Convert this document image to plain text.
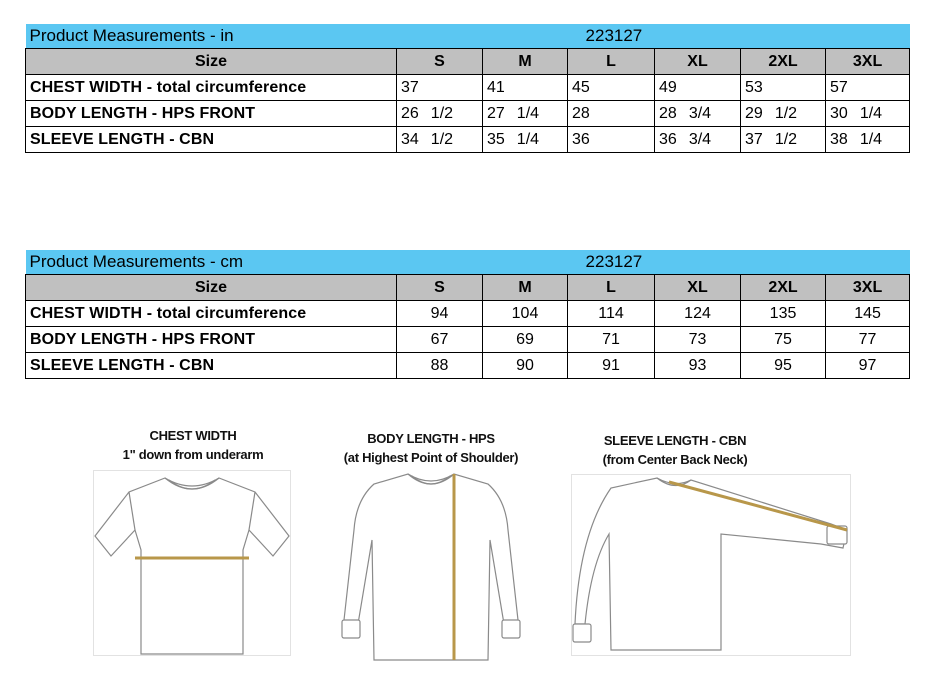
Product Measurements - in			223127			
Size	S	M	L	XL	2XL	3XL
CHEST WIDTH - total circumference	37	41	45	49	53	57
BODY LENGTH - HPS FRONT	26 1/2	27 1/4	28	28 3/4	29 1/2	30 1/4
SLEEVE LENGTH - CBN	34 1/2	35 1/4	36	36 3/4	37 1/2	38 1/4
Product Measurements - cm			223127			
Size	S	M	L	XL	2XL	3XL
CHEST WIDTH - total circumference	94	104	114	124	135	145
BODY LENGTH - HPS FRONT	67	69	71	73	75	77
SLEEVE LENGTH - CBN	88	90	91	93	95	97
CHEST WIDTH
1" down from underarm
BODY LENGTH - HPS
(at Highest Point of Shoulder)
SLEEVE LENGTH - CBN
(from Center Back Neck)
